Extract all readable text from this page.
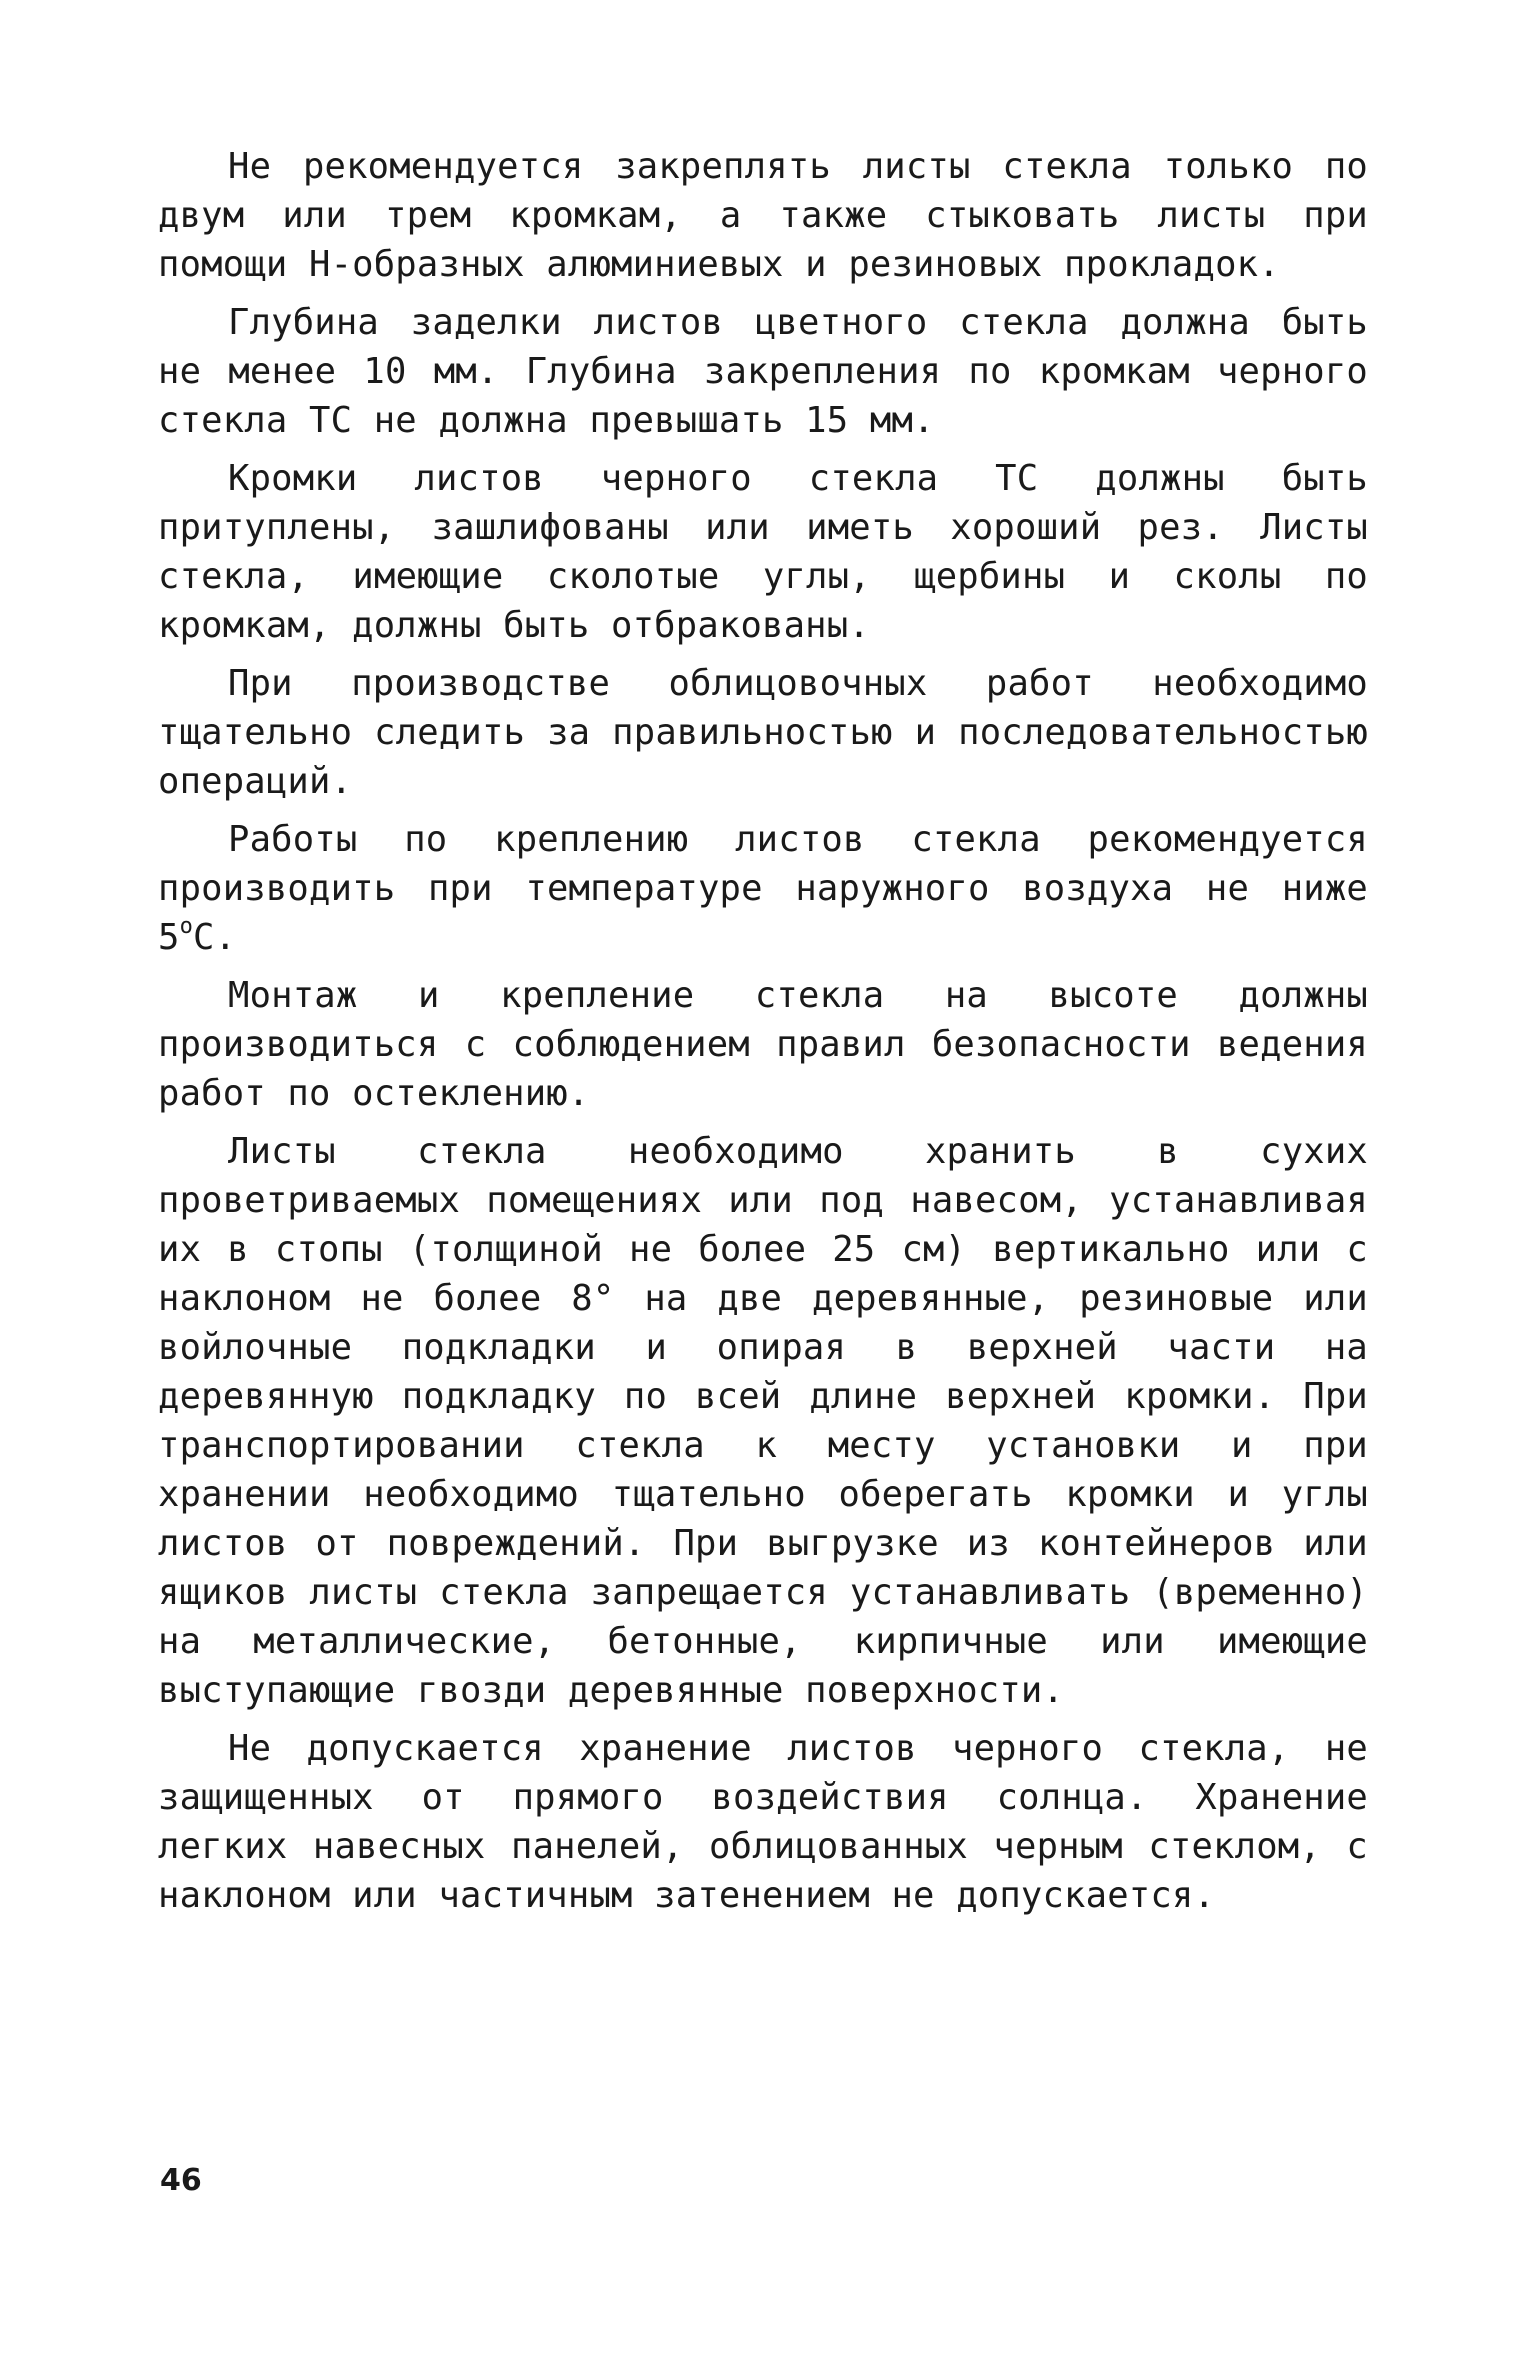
Не рекомендуется закреплять листы стекла только по двум или трем кромкам, а также стыковать листы при помощи Н-образных алюминиевых и резиновых прокладок.

Глубина заделки листов цветного стекла должна быть не менее 10 мм. Глубина закрепления по кромкам черного стекла ТС не должна превышать 15 мм.

Кромки листов черного стекла ТС должны быть притуплены, зашлифованы или иметь хороший рез. Листы стекла, имеющие сколотые углы, щербины и сколы по кромкам, должны быть отбракованы.

При производстве облицовочных работ необходимо тщательно следить за правильностью и последовательностью операций.

Работы по креплению листов стекла рекомендуется производить при температуре наружного воздуха не ниже $5^оС$.

Монтаж и крепление стекла на высоте должны производиться с соблюдением правил безопасности ведения работ по остеклению.

Листы стекла необходимо хранить в сухих проветриваемых помещениях или под навесом, устанавливая их в стопы (толщиной не более 25 см) вертикально или с наклоном не более 8° на две деревянные, резиновые или войлочные подкладки и опирая в верхней части на деревянную подкладку по всей длине верхней кромки. При транспортировании стекла к месту установки и при хранении необходимо тщательно оберегать кромки и углы листов от повреждений. При выгрузке из контейнеров или ящиков листы стекла запрещается устанавливать (временно) на металлические, бетонные, кирпичные или имеющие выступающие гвозди деревянные поверхности.

Не допускается хранение листов черного стекла, не защищенных от прямого воздействия солнца. Хранение легких навесных панелей, облицованных черным стеклом, с наклоном или частичным затенением не допускается.

46
